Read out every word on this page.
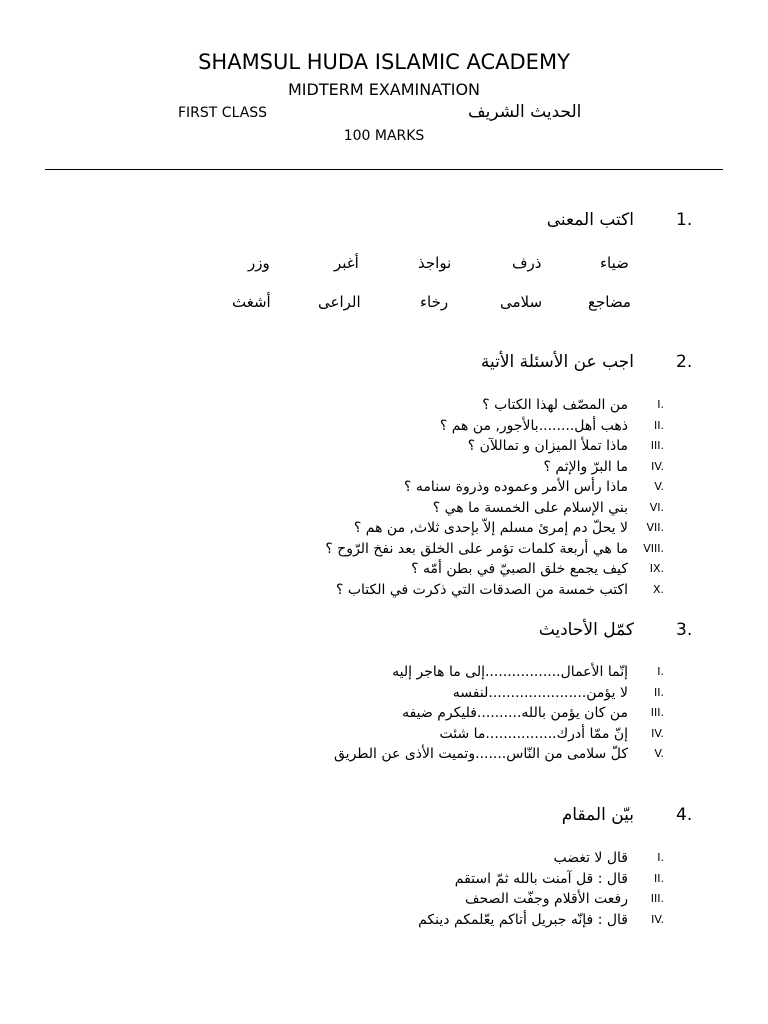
SHAMSUL HUDA ISLAMIC ACADEMY
MIDTERM EXAMINATION
FIRST CLASS	الحديث الشريف
100 MARKS
اكتب المعنى 1.
ضياء
ذرف
نواجذ
أغبر
وزر
مضاجع
سلامى
رخاء
الراعى
أشغث
اجب عن الأسئلة الأتية 2.
I.
من المصّف لهذا الكتاب ؟
II.
ذهب أهل........بالأجور, من هم ؟
III.
ماذا تملأ الميزان و تماللآن ؟
IV.
ما البرّ والإثم ؟
V.
ماذا رأس الأمر وعموده وذروة سنامه ؟
VI.
بني الإسلام على الخمسة ما هي ؟
VII.
لا يحلّ دم إمرئ مسلم إلاّ بإحدى ثلاث, من هم ؟
VIII.
ما هي أربعة كلمات تؤمر على الخلق بعد نفخ الرّوح ؟
IX.
كيف يجمع خلق الصبيّ في بطن أمّه ؟
X.
اكتب خمسة من الصدقات التي ذكرت في الكتاب ؟
كمّل الأحاديث 3.
I.
إنّما الأعمال.................إلى ما هاجر إليه
II.
لا يؤمن......................لنفسه
III.
من كان يؤمن بالله..........فليكرم ضيفه
IV.
إنّ ممّا أدرك................ما شئت
V.
كلّ سلامى من النّاس.......وتميت الأذى عن الطريق
بيّن المقام 4.
I.
قال لا تغضب
II.
قال : قل آمنت بالله ثمّ استقم
III.
رفعت الأقلام وجفّت الصحف
IV.
قال : فإنّه جبريل أتاكم يعّلمكم دينكم
